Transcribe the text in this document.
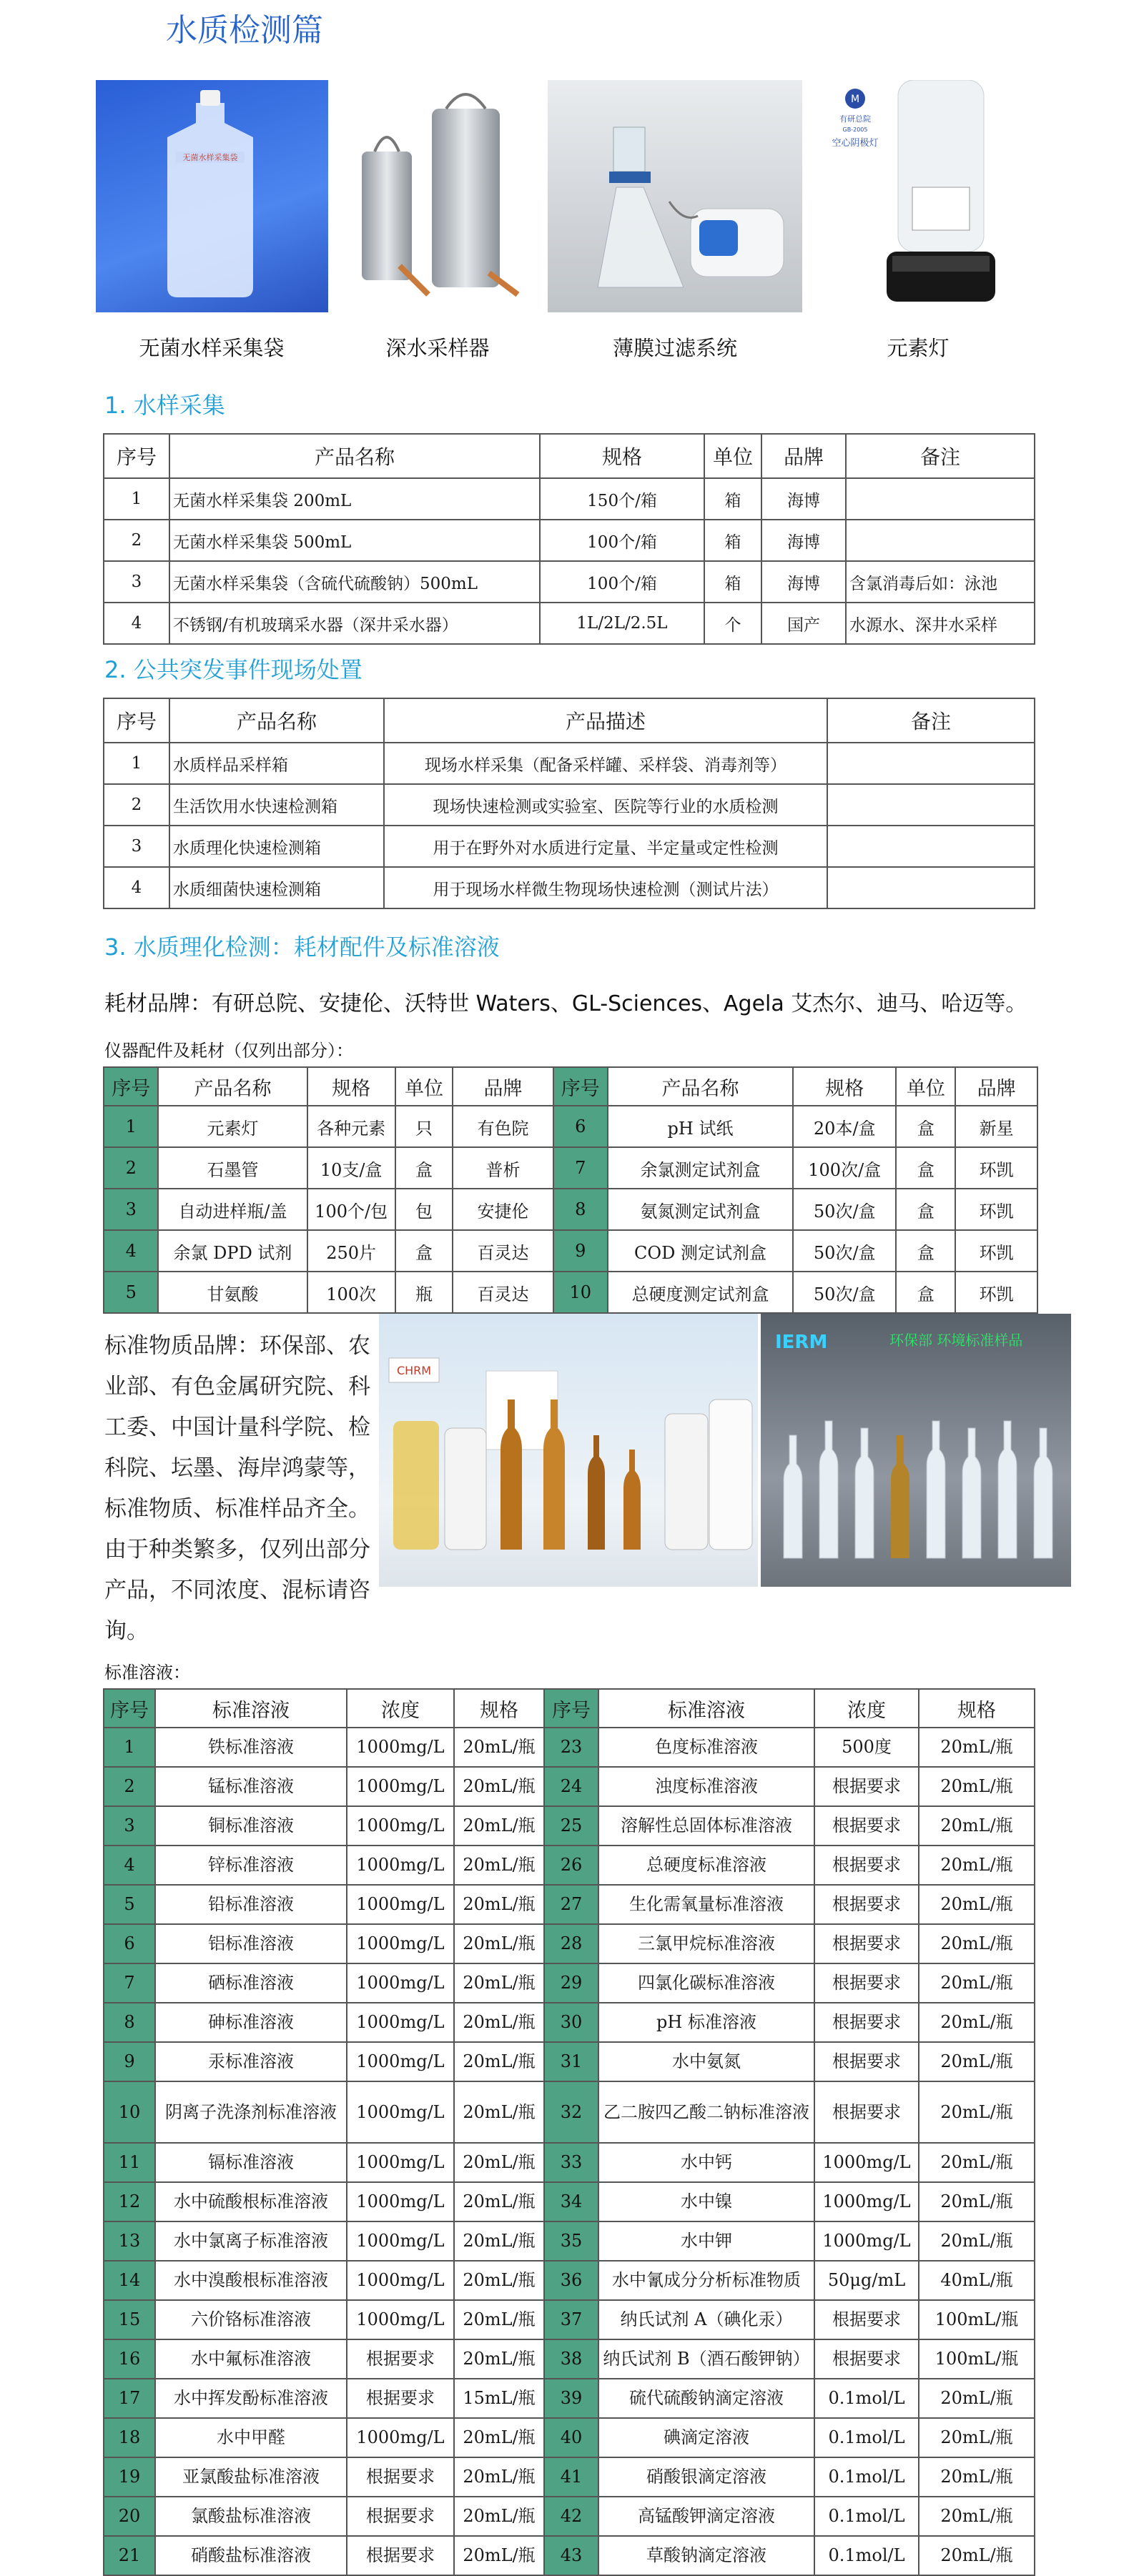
水质检测篇
无菌水样采集袋
无菌水样采集袋	深水采样器	薄膜过滤系统
M
有研总院
GB-2005
空心阴极灯
元素灯
1. 水样采集
序号	产品名称	规格	单位	品牌	备注
1	无菌水样采集袋 200mL	150个/箱	箱	海博	
2	无菌水样采集袋 500mL	100个/箱	箱	海博	
3	无菌水样采集袋（含硫代硫酸钠）500mL	100个/箱	箱	海博	含氯消毒后如：泳池
4	不锈钢/有机玻璃采水器（深井采水器）	1L/2L/2.5L	个	国产	水源水、深井水采样
2. 公共突发事件现场处置
序号	产品名称	产品描述	备注
1	水质样品采样箱	现场水样采集（配备采样罐、采样袋、消毒剂等）	
2	生活饮用水快速检测箱	现场快速检测或实验室、医院等行业的水质检测	
3	水质理化快速检测箱	用于在野外对水质进行定量、半定量或定性检测	
4	水质细菌快速检测箱	用于现场水样微生物现场快速检测（测试片法）	
3. 水质理化检测：耗材配件及标准溶液
耗材品牌：有研总院、安捷伦、沃特世 Waters、GL-Sciences、Agela 艾杰尔、迪马、哈迈等。
仪器配件及耗材（仅列出部分）：
序号	产品名称	规格	单位	品牌	序号	产品名称	规格	单位	品牌
1	元素灯	各种元素	只	有色院	6	pH 试纸	20本/盒	盒	新星
2	石墨管	10支/盒	盒	普析	7	余氯测定试剂盒	100次/盒	盒	环凯
3	自动进样瓶/盖	100个/包	包	安捷伦	8	氨氮测定试剂盒	50次/盒	盒	环凯
4	余氯 DPD 试剂	250片	盒	百灵达	9	COD 测定试剂盒	50次/盒	盒	环凯
5	甘氨酸	100次	瓶	百灵达	10	总硬度测定试剂盒	50次/盒	盒	环凯
标准物质品牌：环保部、农业部、有色金属研究院、科工委、中国计量科学院、检科院、坛墨、海岸鸿蒙等，标准物质、标准样品齐全。由于种类繁多，仅列出部分产品，不同浓度、混标请咨询。
CHRM
IERM	环保部 环境标准样品
标准溶液：
序号	标准溶液	浓度	规格	序号	标准溶液	浓度	规格
1	铁标准溶液	1000mg/L	20mL/瓶	23	色度标准溶液	500度	20mL/瓶
2	锰标准溶液	1000mg/L	20mL/瓶	24	浊度标准溶液	根据要求	20mL/瓶
3	铜标准溶液	1000mg/L	20mL/瓶	25	溶解性总固体标准溶液	根据要求	20mL/瓶
4	锌标准溶液	1000mg/L	20mL/瓶	26	总硬度标准溶液	根据要求	20mL/瓶
5	铅标准溶液	1000mg/L	20mL/瓶	27	生化需氧量标准溶液	根据要求	20mL/瓶
6	铝标准溶液	1000mg/L	20mL/瓶	28	三氯甲烷标准溶液	根据要求	20mL/瓶
7	硒标准溶液	1000mg/L	20mL/瓶	29	四氯化碳标准溶液	根据要求	20mL/瓶
8	砷标准溶液	1000mg/L	20mL/瓶	30	pH 标准溶液	根据要求	20mL/瓶
9	汞标准溶液	1000mg/L	20mL/瓶	31	水中氨氮	根据要求	20mL/瓶
10	阴离子洗涤剂标准溶液	1000mg/L	20mL/瓶	32	乙二胺四乙酸二钠标准溶液	根据要求	20mL/瓶
11	镉标准溶液	1000mg/L	20mL/瓶	33	水中钙	1000mg/L	20mL/瓶
12	水中硫酸根标准溶液	1000mg/L	20mL/瓶	34	水中镍	1000mg/L	20mL/瓶
13	水中氯离子标准溶液	1000mg/L	20mL/瓶	35	水中钾	1000mg/L	20mL/瓶
14	水中溴酸根标准溶液	1000mg/L	20mL/瓶	36	水中氰成分分析标准物质	50μg/mL	40mL/瓶
15	六价铬标准溶液	1000mg/L	20mL/瓶	37	纳氏试剂 A（碘化汞）	根据要求	100mL/瓶
16	水中氟标准溶液	根据要求	20mL/瓶	38	纳氏试剂 B（酒石酸钾钠）	根据要求	100mL/瓶
17	水中挥发酚标准溶液	根据要求	15mL/瓶	39	硫代硫酸钠滴定溶液	0.1mol/L	20mL/瓶
18	水中甲醛	1000mg/L	20mL/瓶	40	碘滴定溶液	0.1mol/L	20mL/瓶
19	亚氯酸盐标准溶液	根据要求	20mL/瓶	41	硝酸银滴定溶液	0.1mol/L	20mL/瓶
20	氯酸盐标准溶液	根据要求	20mL/瓶	42	高锰酸钾滴定溶液	0.1mol/L	20mL/瓶
21	硝酸盐标准溶液	根据要求	20mL/瓶	43	草酸钠滴定溶液	0.1mol/L	20mL/瓶
